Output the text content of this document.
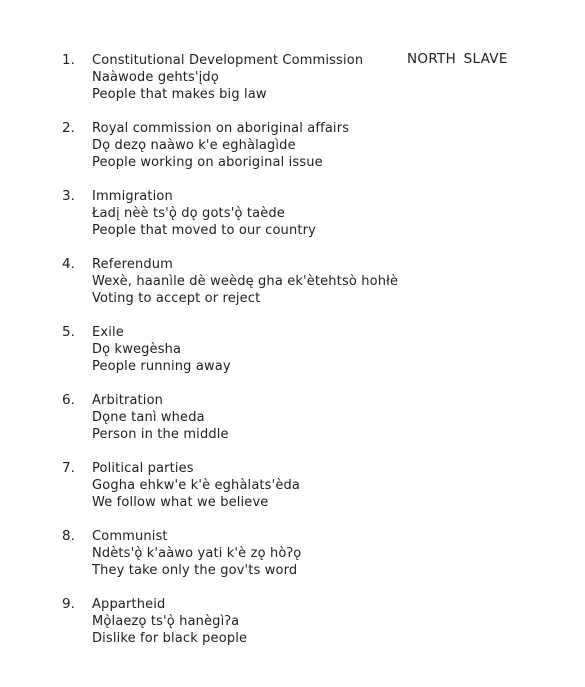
NORTH SLAVE
1.	Constitutional Development Commission
Naàwode gehts'įdǫ
People that makes big law
2.	Royal commission on aboriginal affairs
Dǫ dezǫ naàwo k'e eghàlagìde
People working on aboriginal issue
3.	Immigration
Ładį nèè ts'ǫ̀ dǫ gots'ǫ̀ taède
People that moved to our country
4.	Referendum
Wexè, haanìle dè weèdę gha ek'ètehtsò hohłè
Voting to accept or reject
5.	Exile
Dǫ kwegèsha
People running away
6.	Arbitration
Dǫne tanì wheda
Person in the middle
7.	Political parties
Gogha ehkw'e k'è eghàlats'èda
We follow what we believe
8.	Communist
Ndèts'ǫ̀ k'aàwo yati k'è zǫ hòʔǫ
They take only the gov'ts word
9.	Appartheid
Mǫ̀laezǫ ts'ǫ̀ hanègìʔa
Dislike for black people
